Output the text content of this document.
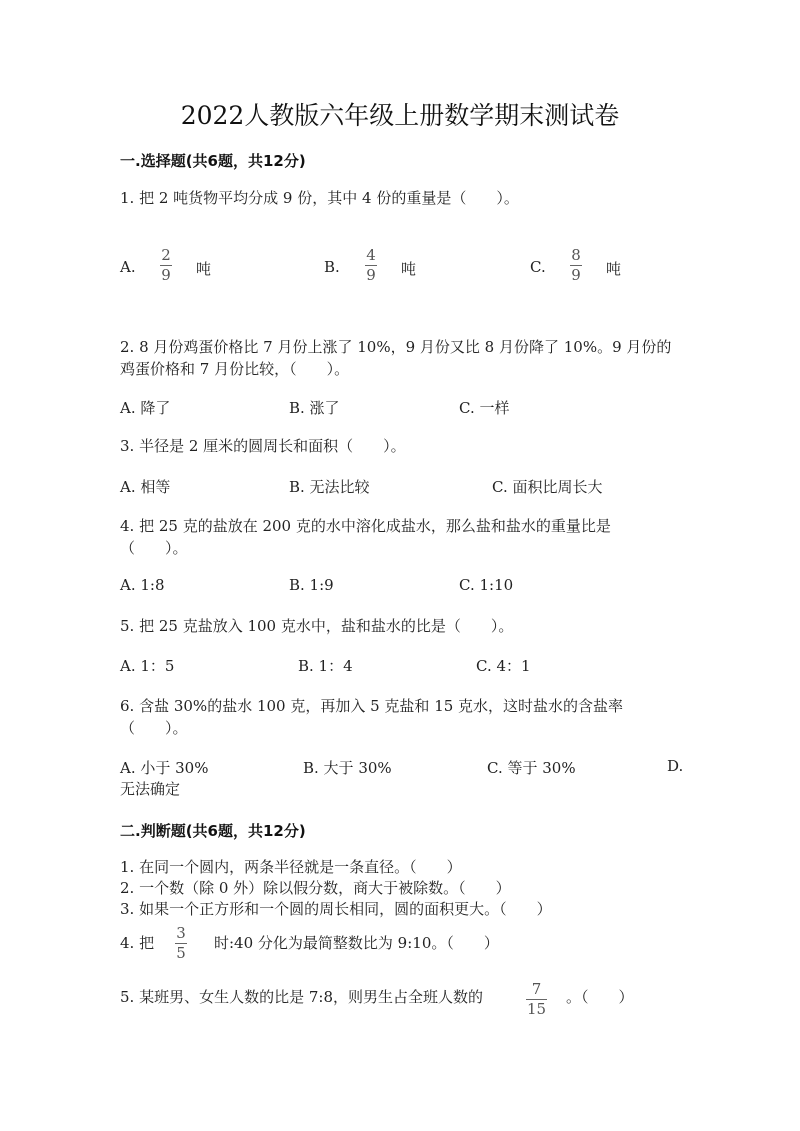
2022人教版六年级上册数学期末测试卷
一.选择题(共6题，共12分)
1. 把 2 吨货物平均分成 9 份，其中 4 份的重量是（　　）。
A.
2
9 吨	B.
4
9 吨	C.
8
9 吨
2. 8 月份鸡蛋价格比 7 月份上涨了 10%，9 月份又比 8 月份降了 10%。9 月份的
鸡蛋价格和 7 月份比较，（　　）。
A. 降了	B. 涨了	C. 一样
3. 半径是 2 厘米的圆周长和面积（　　）。
A. 相等	B. 无法比较	C. 面积比周长大
4. 把 25 克的盐放在 200 克的水中溶化成盐水，那么盐和盐水的重量比是
（　　）。
A. 1:8	B. 1:9	C. 1:10
5. 把 25 克盐放入 100 克水中，盐和盐水的比是（　　）。
A. 1：5	B. 1：4	C. 4：1
6. 含盐 30%的盐水 100 克，再加入 5 克盐和 15 克水，这时盐水的含盐率
（　　）。
A. 小于 30%	B. 大于 30%	C. 等于 30%	D.
无法确定
二.判断题(共6题，共12分)
1. 在同一个圆内，两条半径就是一条直径。（　　）
2. 一个数（除 0 外）除以假分数，商大于被除数。（　　）
3. 如果一个正方形和一个圆的周长相同，圆的面积更大。（　　）
4. 把
3
5
时:40 分化为最简整数比为 9:10。（　　）
5. 某班男、女生人数的比是 7:8，则男生占全班人数的	7
15
。（　　）
